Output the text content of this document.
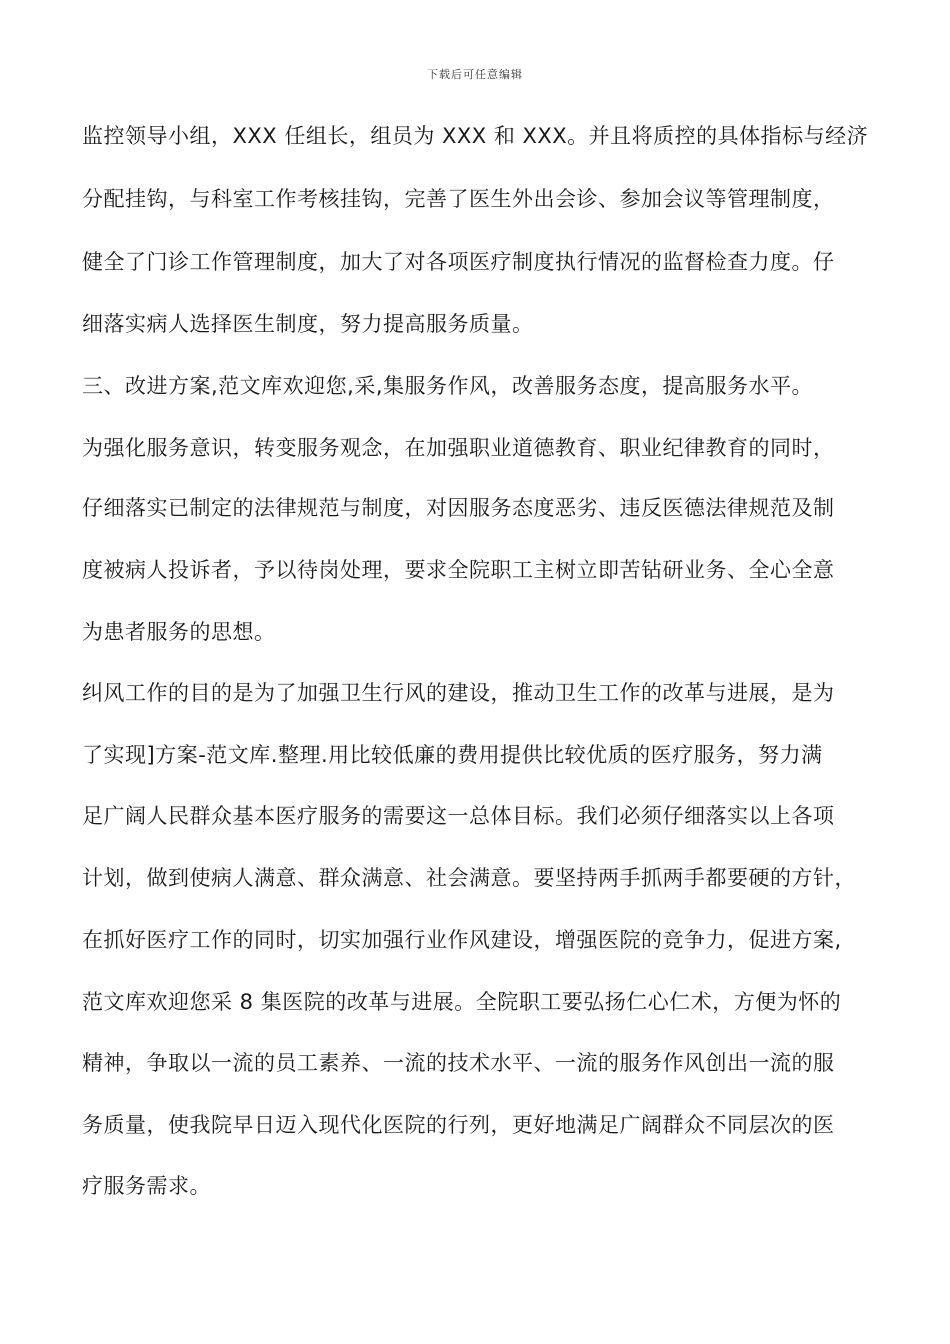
下载后可任意编辑
监控领导小组，XXX 任组长，组员为 XXX 和 XXX。并且将质控的具体指标与经济
分配挂钩，与科室工作考核挂钩，完善了医生外出会诊、参加会议等管理制度，
健全了门诊工作管理制度，加大了对各项医疗制度执行情况的监督检查力度。仔
细落实病人选择医生制度，努力提高服务质量。
三、改进方案,范文库欢迎您,采,集服务作风，改善服务态度，提高服务水平。
为强化服务意识，转变服务观念，在加强职业道德教育、职业纪律教育的同时，
仔细落实已制定的法律规范与制度，对因服务态度恶劣、违反医德法律规范及制
度被病人投诉者，予以待岗处理，要求全院职工主树立即苦钻研业务、全心全意
为患者服务的思想。
纠风工作的目的是为了加强卫生行风的建设，推动卫生工作的改革与进展，是为
了实现]方案-范文库.整理.用比较低廉的费用提供比较优质的医疗服务，努力满
足广阔人民群众基本医疗服务的需要这一总体目标。我们必须仔细落实以上各项
计划，做到使病人满意、群众满意、社会满意。要坚持两手抓两手都要硬的方针，
在抓好医疗工作的同时，切实加强行业作风建设，增强医院的竞争力，促进方案,
范文库欢迎您采 8 集医院的改革与进展。全院职工要弘扬仁心仁术，方便为怀的
精神，争取以一流的员工素养、一流的技术水平、一流的服务作风创出一流的服
务质量，使我院早日迈入现代化医院的行列，更好地满足广阔群众不同层次的医
疗服务需求。
